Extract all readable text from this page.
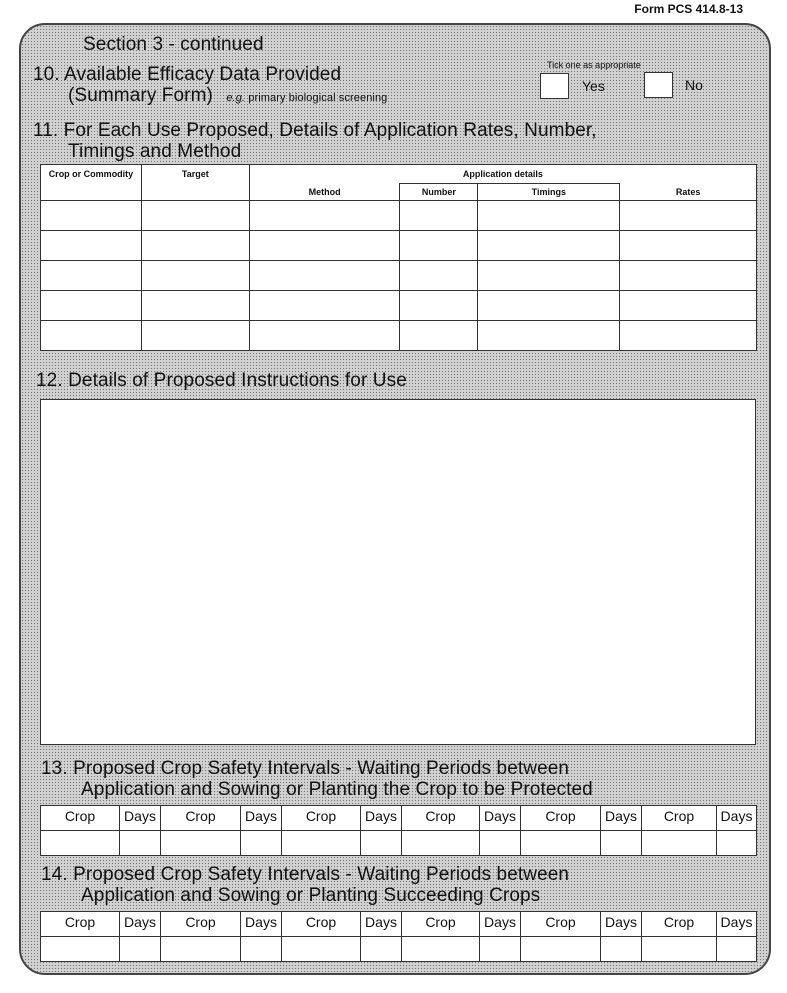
Form PCS 414.8-13
Section 3 - continued
10. Available Efficacy Data Provided
(Summary Form) e.g. primary biological screening
Tick one as appropriate
Yes	No
11. For Each Use Proposed, Details of Application Rates, Number,
Timings and Method
Crop or Commodity	Target	Application details			
		Method	Number	Timings	Rates

12. Details of Proposed Instructions for Use
13. Proposed Crop Safety Intervals - Waiting Periods between
Application and Sowing or Planting the Crop to be Protected
Crop	Days	Crop	Days	Crop	Days	Crop	Days	Crop	Days	Crop	Days

14. Proposed Crop Safety Intervals - Waiting Periods between
Application and Sowing or Planting Succeeding Crops
Crop	Days	Crop	Days	Crop	Days	Crop	Days	Crop	Days	Crop	Days
